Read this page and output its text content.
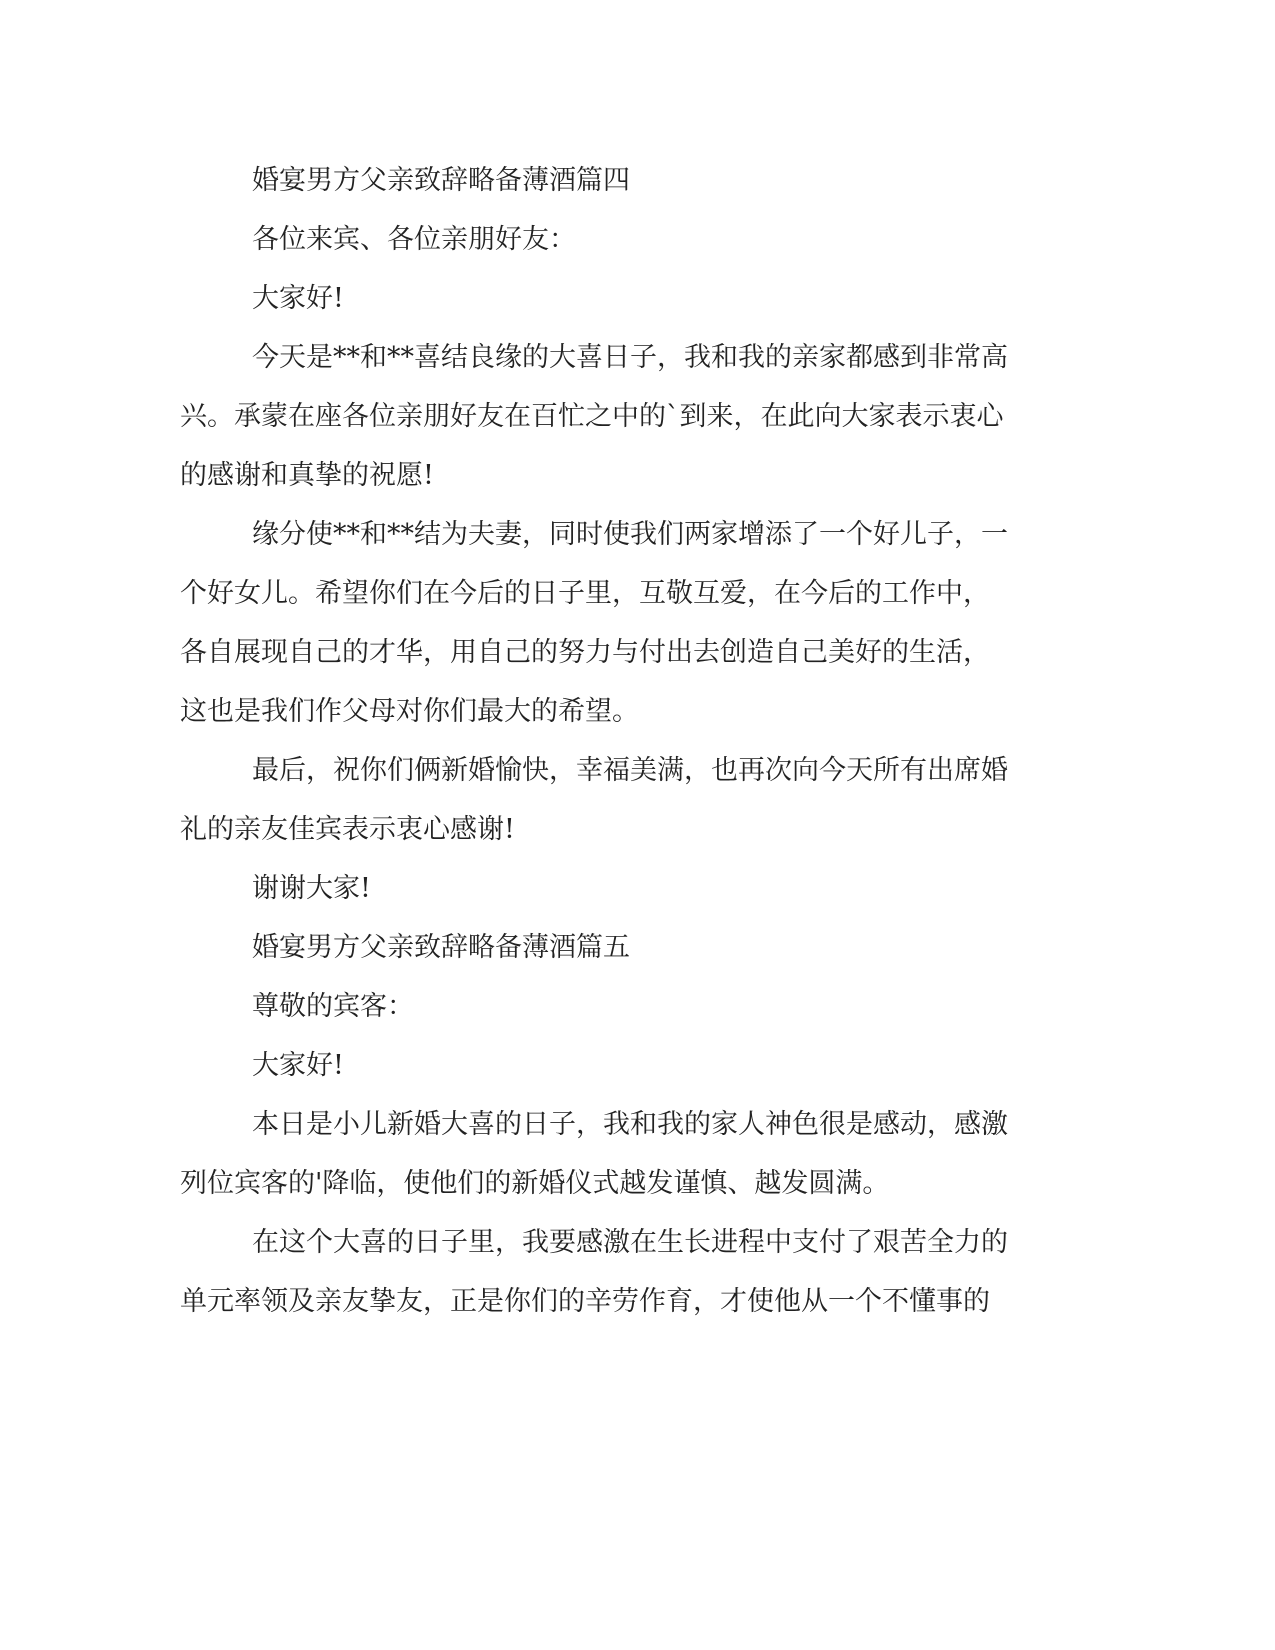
婚宴男方父亲致辞略备薄酒篇四
各位来宾、各位亲朋好友：
大家好!
今天是**和**喜结良缘的大喜日子，我和我的亲家都感到非常高
兴。承蒙在座各位亲朋好友在百忙之中的`到来，在此向大家表示衷心
的感谢和真挚的祝愿!
缘分使**和**结为夫妻，同时使我们两家增添了一个好儿子，一
个好女儿。希望你们在今后的日子里，互敬互爱，在今后的工作中，
各自展现自己的才华，用自己的努力与付出去创造自己美好的生活，
这也是我们作父母对你们最大的希望。
最后，祝你们俩新婚愉快，幸福美满，也再次向今天所有出席婚
礼的亲友佳宾表示衷心感谢!
谢谢大家!
婚宴男方父亲致辞略备薄酒篇五
尊敬的宾客：
大家好!
本日是小儿新婚大喜的日子，我和我的家人神色很是感动，感激
列位宾客的'降临，使他们的新婚仪式越发谨慎、越发圆满。
在这个大喜的日子里，我要感激在生长进程中支付了艰苦全力的
单元率领及亲友挚友，正是你们的辛劳作育，才使他从一个不懂事的
